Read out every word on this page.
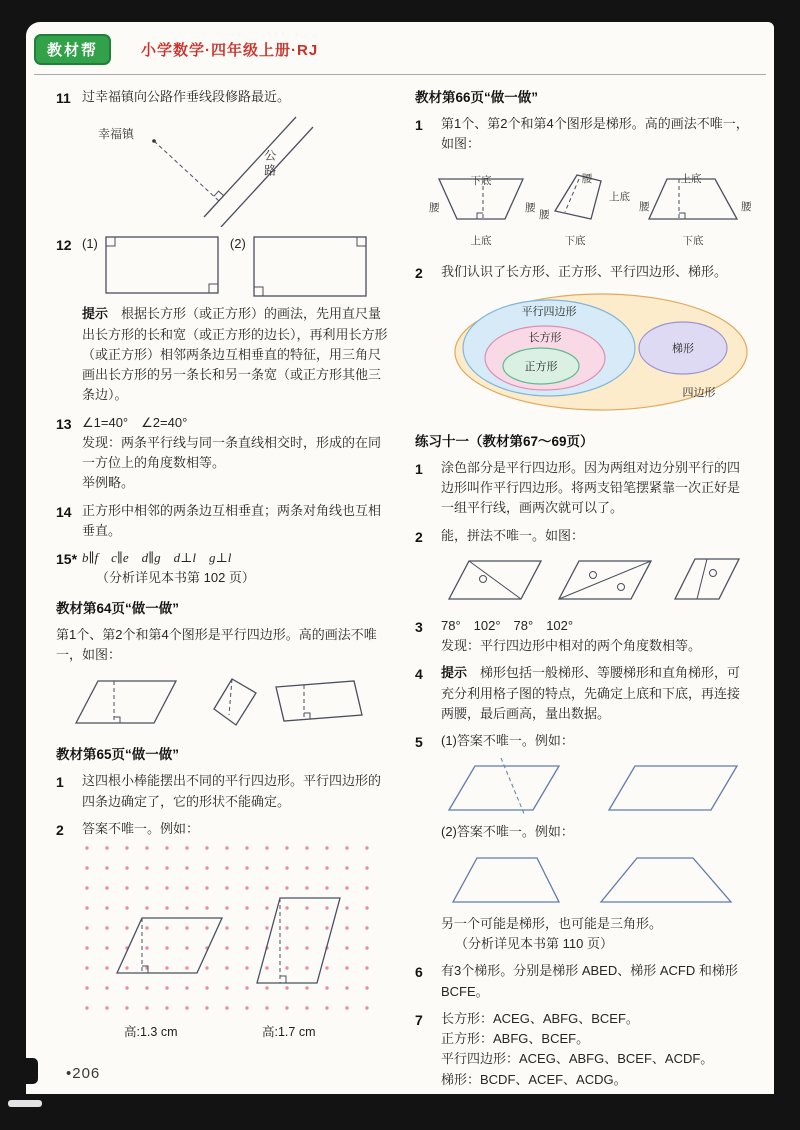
教材帮	小学数学·四年级上册·RJ
11 过幸福镇向公路作垂线段修路最近。

幸福镇
公路
12 (1)	(2)

提示　 根据长方形（或正方形）的画法，先用直尺量出长方形的长和宽（或正方形的边长），再利用长方形（或正方形）相邻两条边互相垂直的特征，用三角尺画出长方形的另一条长和另一条宽（或正方形其他三条边）。

13 ∠1=40°　∠2=40°

发现：两条平行线与同一条直线相交时，形成的在同一方位上的角度数相等。

举例略。

14 正方形中相邻的两条边互相垂直；两条对角线也互相垂直。

15* b∥f　c∥e　d∥g　d⊥l　g⊥l

（分析详见本书第 102 页）

教材第64页“做一做”

第1个、第2个和第4个图形是平行四边形。高的画法不唯一，如图：

教材第65页“做一做”

1	这四根小棒能摆出不同的平行四边形。平行四边形的四条边确定了，它的形状不能确定。

2	答案不唯一。例如：

高:1.3 cm	高:1.7 cm

教材第66页“做一做”

1	第1个、第2个和第4个图形是梯形。高的画法不唯一，如图：

下底
腰	腰
上底
腰
上底
腰
下底
上底
腰	腰
下底
2	我们认识了长方形、正方形、平行四边形、梯形。

平行四边形
长方形
正方形
梯形
四边形

练习十一（教材第67～69页）

1	涂色部分是平行四边形。因为两组对边分别平行的四边形叫作平行四边形。将两支铅笔摆紧靠一次正好是一组平行线，画两次就可以了。

2	能，拼法不唯一。如图：

3	78°　102°　78°　102°

发现：平行四边形中相对的两个角度数相等。

4	提示　 梯形包括一般梯形、等腰梯形和直角梯形，可充分利用格子图的特点，先确定上底和下底，再连接两腰，最后画高，量出数据。

5	(1)答案不唯一。例如：

(2)答案不唯一。例如：

另一个可能是梯形，也可能是三角形。

（分析详见本书第 110 页）

6	有3个梯形。分别是梯形 ABED、梯形 ACFD 和梯形 BCFE。

7	长方形：ACEG、ABFG、BCEF。

正方形：ABFG、BCEF。

平行四边形：ACEG、ABFG、BCEF、ACDF。

梯形：BCDF、ACEF、ACDG。

•206
